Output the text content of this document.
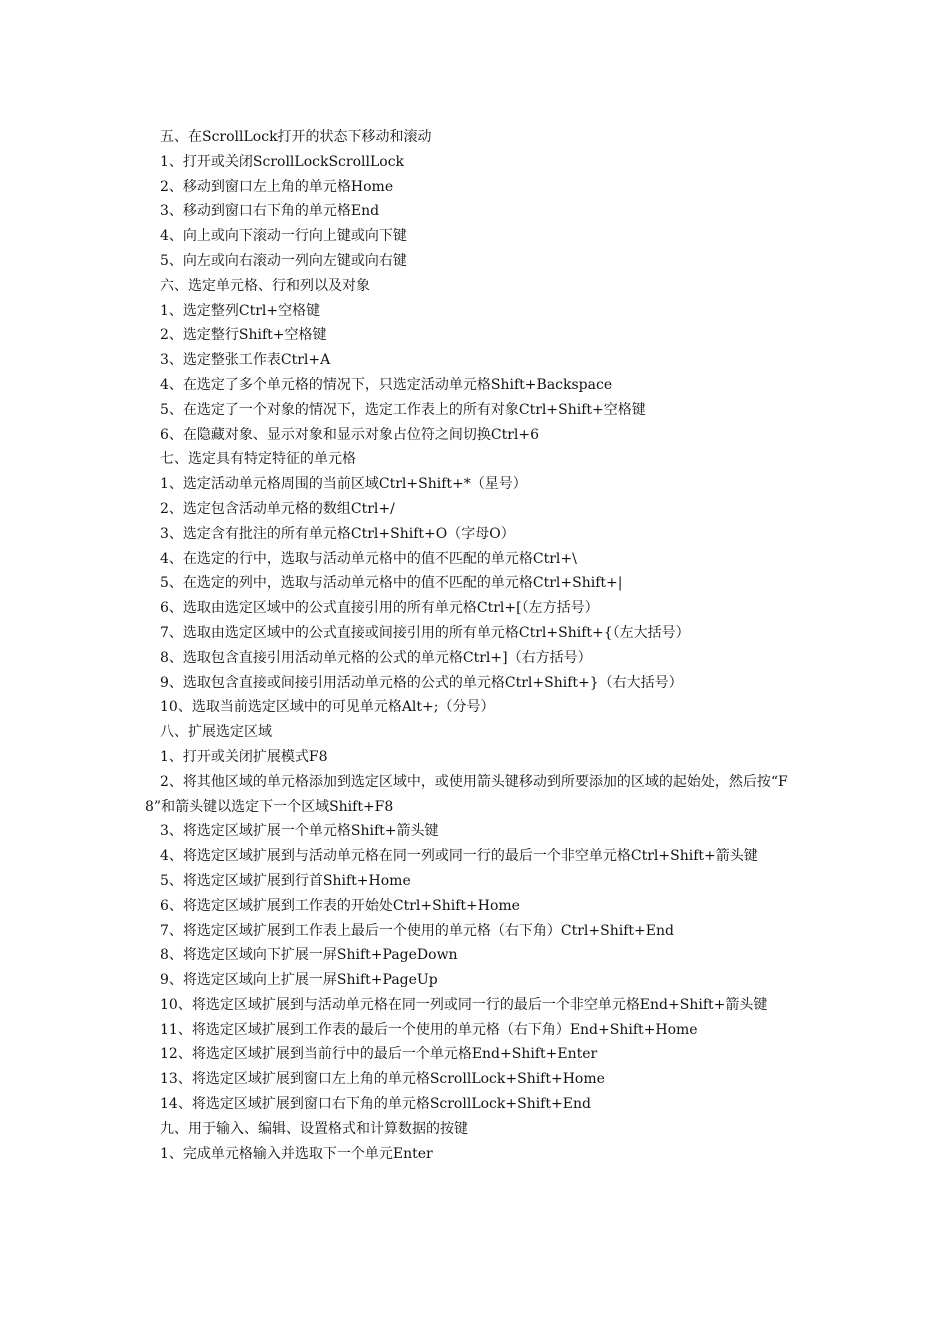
五、在ScrollLock打开的状态下移动和滚动
1、打开或关闭ScrollLockScrollLock
2、移动到窗口左上角的单元格Home
3、移动到窗口右下角的单元格End
4、向上或向下滚动一行向上键或向下键
5、向左或向右滚动一列向左键或向右键
六、选定单元格、行和列以及对象
1、选定整列Ctrl+空格键
2、选定整行Shift+空格键
3、选定整张工作表Ctrl+A
4、在选定了多个单元格的情况下，只选定活动单元格Shift+Backspace
5、在选定了一个对象的情况下，选定工作表上的所有对象Ctrl+Shift+空格键
6、在隐藏对象、显示对象和显示对象占位符之间切换Ctrl+6
七、选定具有特定特征的单元格
1、选定活动单元格周围的当前区域Ctrl+Shift+*（星号）
2、选定包含活动单元格的数组Ctrl+/
3、选定含有批注的所有单元格Ctrl+Shift+O（字母O）
4、在选定的行中，选取与活动单元格中的值不匹配的单元格Ctrl+\
5、在选定的列中，选取与活动单元格中的值不匹配的单元格Ctrl+Shift+|
6、选取由选定区域中的公式直接引用的所有单元格Ctrl+[（左方括号）
7、选取由选定区域中的公式直接或间接引用的所有单元格Ctrl+Shift+{（左大括号）
8、选取包含直接引用活动单元格的公式的单元格Ctrl+]（右方括号）
9、选取包含直接或间接引用活动单元格的公式的单元格Ctrl+Shift+}（右大括号）
10、选取当前选定区域中的可见单元格Alt+;（分号）
八、扩展选定区域
1、打开或关闭扩展模式F8
2、将其他区域的单元格添加到选定区域中，或使用箭头键移动到所要添加的区域的起始处，然后按“F8”和箭头键以选定下一个区域Shift+F8
3、将选定区域扩展一个单元格Shift+箭头键
4、将选定区域扩展到与活动单元格在同一列或同一行的最后一个非空单元格Ctrl+Shift+箭头键
5、将选定区域扩展到行首Shift+Home
6、将选定区域扩展到工作表的开始处Ctrl+Shift+Home
7、将选定区域扩展到工作表上最后一个使用的单元格（右下角）Ctrl+Shift+End
8、将选定区域向下扩展一屏Shift+PageDown
9、将选定区域向上扩展一屏Shift+PageUp
10、将选定区域扩展到与活动单元格在同一列或同一行的最后一个非空单元格End+Shift+箭头键
11、将选定区域扩展到工作表的最后一个使用的单元格（右下角）End+Shift+Home
12、将选定区域扩展到当前行中的最后一个单元格End+Shift+Enter
13、将选定区域扩展到窗口左上角的单元格ScrollLock+Shift+Home
14、将选定区域扩展到窗口右下角的单元格ScrollLock+Shift+End
九、用于输入、编辑、设置格式和计算数据的按键
1、完成单元格输入并选取下一个单元Enter
